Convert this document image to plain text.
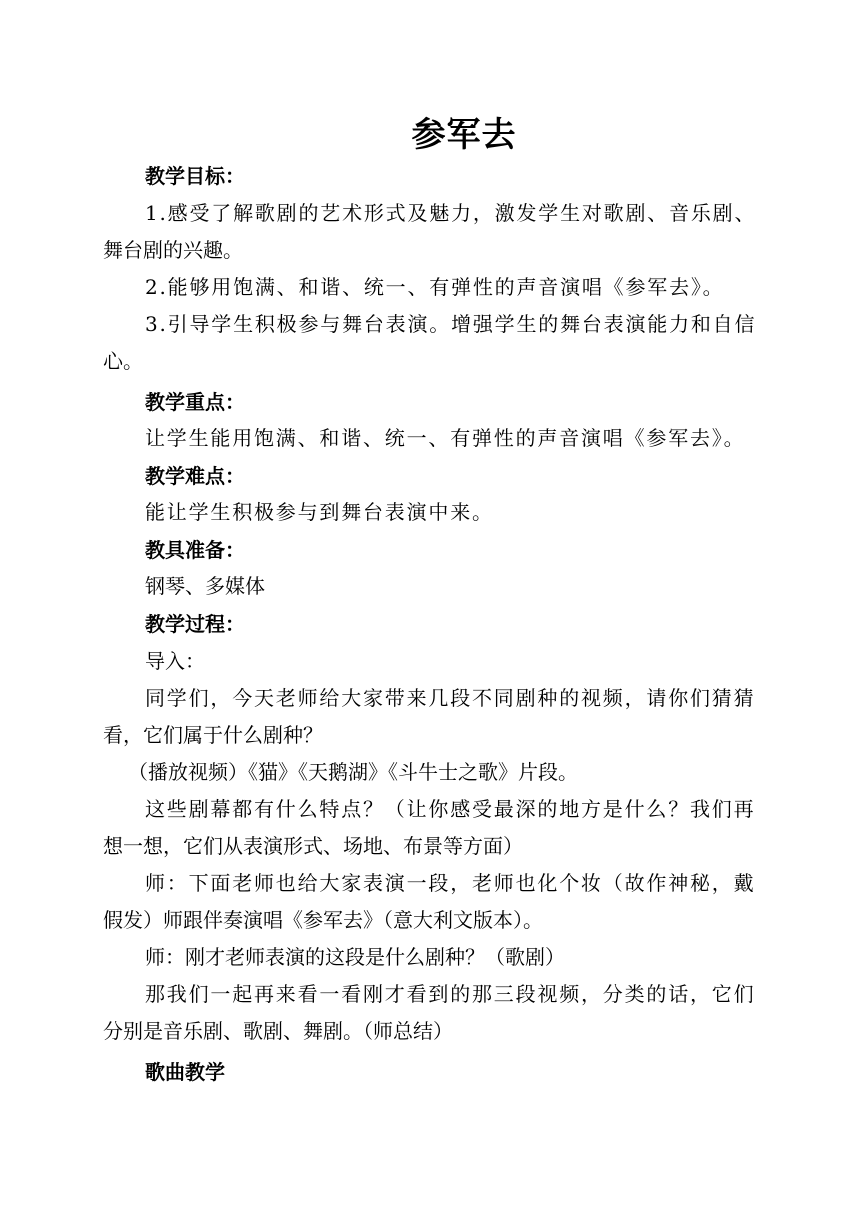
参军去
教学目标：
1.感受了解歌剧的艺术形式及魅力，激发学生对歌剧、音乐剧、
舞台剧的兴趣。
2.能够用饱满、和谐、统一、有弹性的声音演唱《参军去》。
3.引导学生积极参与舞台表演。增强学生的舞台表演能力和自信
心。
教学重点：
让学生能用饱满、和谐、统一、有弹性的声音演唱《参军去》。
教学难点：
能让学生积极参与到舞台表演中来。
教具准备：
钢琴、多媒体
教学过程：
导入：
同学们，今天老师给大家带来几段不同剧种的视频，请你们猜猜
看，它们属于什么剧种？
（播放视频）《猫》《天鹅湖》《斗牛士之歌》片段。
这些剧幕都有什么特点？（让你感受最深的地方是什么？我们再
想一想，它们从表演形式、场地、布景等方面）
师：下面老师也给大家表演一段，老师也化个妆（故作神秘，戴
假发）师跟伴奏演唱《参军去》（意大利文版本）。
师：刚才老师表演的这段是什么剧种？（歌剧）
那我们一起再来看一看刚才看到的那三段视频，分类的话，它们
分别是音乐剧、歌剧、舞剧。（师总结）
歌曲教学
